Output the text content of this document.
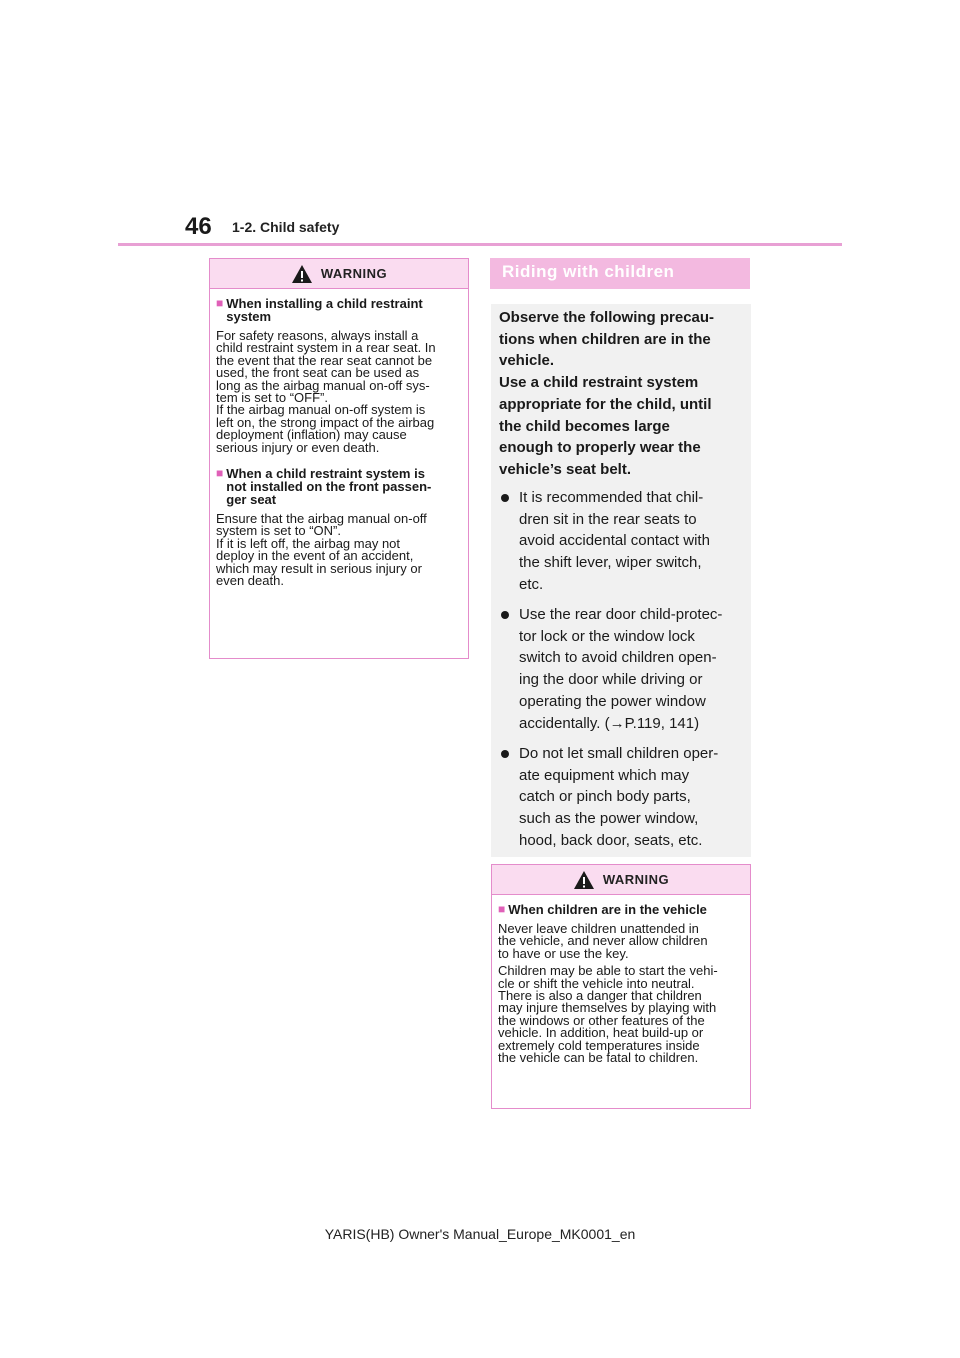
46 1-2. Child safety
WARNING
■ When installing a child restraint
system
For safety reasons, always install a
child restraint system in a rear seat. In
the event that the rear seat cannot be
used, the front seat can be used as
long as the airbag manual on-off sys-
tem is set to “OFF”.
If the airbag manual on-off system is
left on, the strong impact of the airbag
deployment (inflation) may cause
serious injury or even death.
■ When a child restraint system is
not installed on the front passen-
ger seat
Ensure that the airbag manual on-off
system is set to “ON”.
If it is left off, the airbag may not
deploy in the event of an accident,
which may result in serious injury or
even death.
Riding with children
Observe the following precau-
tions when children are in the
vehicle.
Use a child restraint system
appropriate for the child, until
the child becomes large
enough to properly wear the
vehicle’s seat belt.
It is recommended that chil-
dren sit in the rear seats to
avoid accidental contact with
the shift lever, wiper switch,
etc.
Use the rear door child-protec-
tor lock or the window lock
switch to avoid children open-
ing the door while driving or
operating the power window
accidentally. (→P.119, 141)
Do not let small children oper-
ate equipment which may
catch or pinch body parts,
such as the power window,
hood, back door, seats, etc.
WARNING
■ When children are in the vehicle
Never leave children unattended in
the vehicle, and never allow children
to have or use the key.
Children may be able to start the vehi-
cle or shift the vehicle into neutral.
There is also a danger that children
may injure themselves by playing with
the windows or other features of the
vehicle. In addition, heat build-up or
extremely cold temperatures inside
the vehicle can be fatal to children.
YARIS(HB) Owner's Manual_Europe_MK0001_en
